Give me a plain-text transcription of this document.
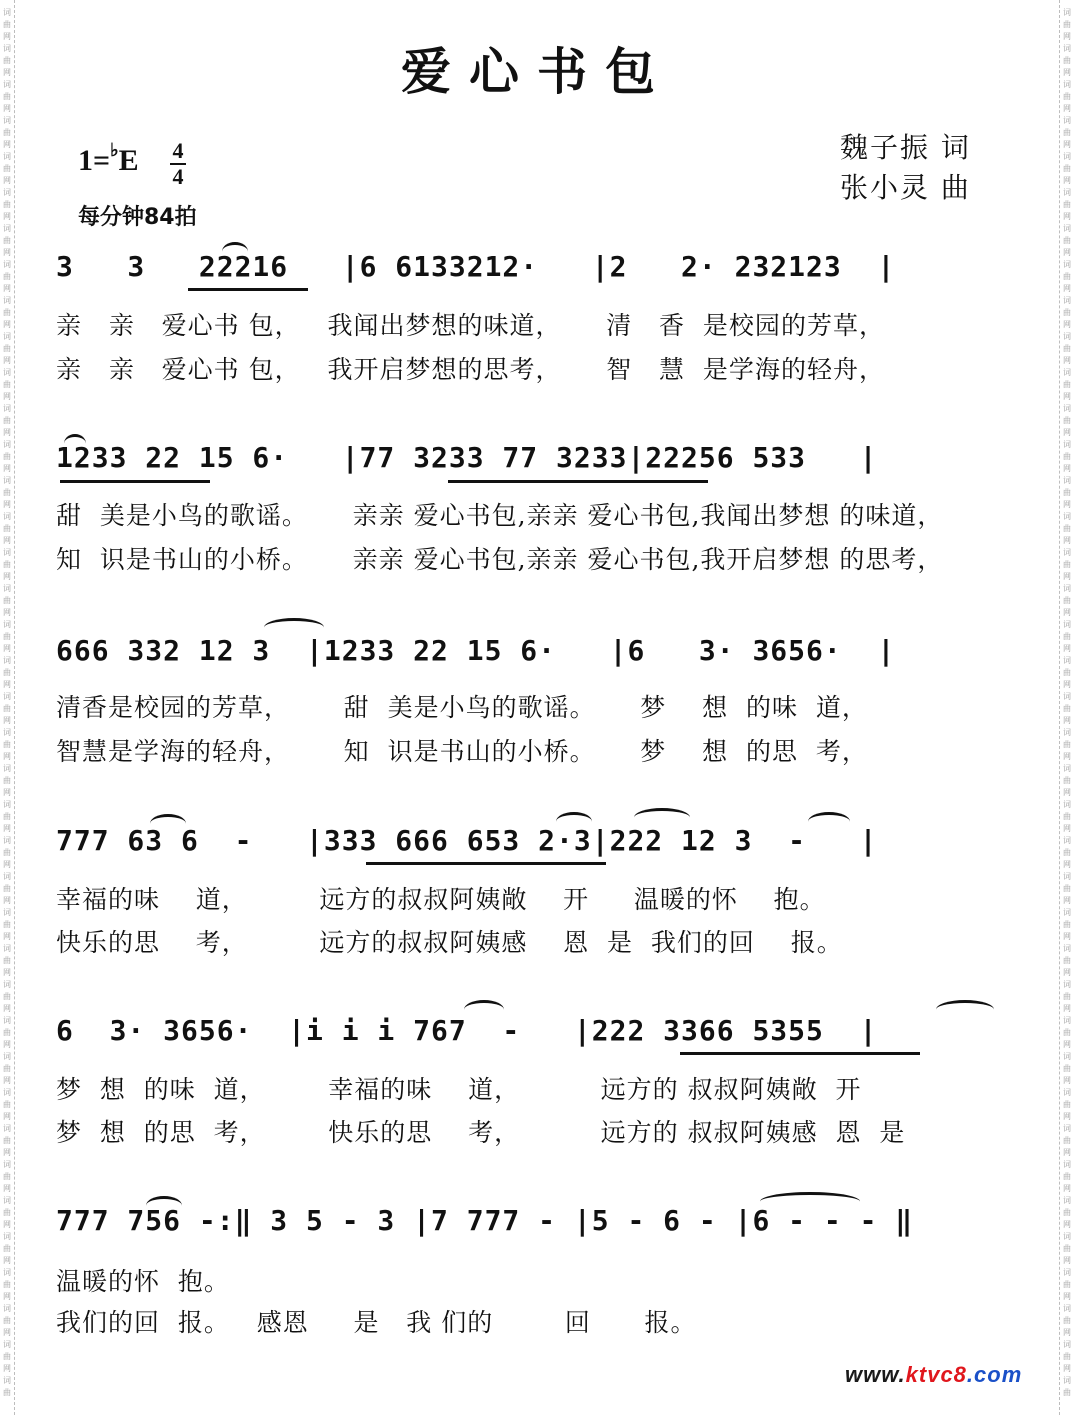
词
曲
网
词
曲
网
词
曲
网
词
曲
网
词
曲
网
词
曲
网
词
曲
网
词
曲
网
词
曲
网
词
曲
网
词
曲
网
词
曲
网
词
曲
网
词
曲
网
词
曲
网
词
曲
网
词
曲
网
词
曲
网
词
曲
网
词
曲
网
词
曲
网
词
曲
网
词
曲
网
词
曲
网
词
曲
网
词
曲
网
词
曲
网
词
曲
网
词
曲
网
词
曲
网
词
曲
网
词
曲
网
词
曲
网
词
曲
网
词
曲
网
词
曲
网
词
曲
网
词
曲
网
词
曲
词
曲
网
词
曲
网
词
曲
网
词
曲
网
词
曲
网
词
曲
网
词
曲
网
词
曲
网
词
曲
网
词
曲
网
词
曲
网
词
曲
网
词
曲
网
词
曲
网
词
曲
网
词
曲
网
词
曲
网
词
曲
网
词
曲
网
词
曲
网
词
曲
网
词
曲
网
词
曲
网
词
曲
网
词
曲
网
词
曲
网
词
曲
网
词
曲
网
词
曲
网
词
曲
网
词
曲
网
词
曲
网
词
曲
网
词
曲
网
词
曲
网
词
曲
网
词
曲
网
词
曲
网
词
曲
爱心书包
1=♭E 4
4
每分钟84拍
魏子振 词
张小灵 曲
3   3   22216   |6 6133212·   |2   2· 232123  |
亲   亲   爱心书 包，   我闻出梦想的味道，     清   香  是校园的芳草，
亲   亲   爱心书 包，   我开启梦想的思考，     智   慧  是学海的轻舟，
1233 22 15 6·   |77 3233 77 3233|22256 533   |
甜  美是小鸟的歌谣。     亲亲 爱心书包,亲亲 爱心书包,我闻出梦想 的味道，
知  识是书山的小桥。     亲亲 爱心书包,亲亲 爱心书包,我开启梦想 的思考，
666 332 12 3  |1233 22 15 6·   |6   3· 3656·  |
清香是校园的芳草，      甜  美是小鸟的歌谣。     梦    想  的味  道，
智慧是学海的轻舟，      知  识是书山的小桥。     梦    想  的思  考，
777 63 6  -   |333 666 653 2·3|222 12 3  -   |
幸福的味    道，        远方的叔叔阿姨敞    开     温暖的怀    抱。
快乐的思    考，        远方的叔叔阿姨感    恩  是  我们的回    报。
6  3· 3656·  |i i i 767  -   |222 3366 5355  |
梦  想  的味  道，       幸福的味    道，         远方的 叔叔阿姨敞  开
梦  想  的思  考，       快乐的思    考，         远方的 叔叔阿姨感  恩  是
777 756 -:‖ 3 5 - 3 |7 777 - |5 - 6 - |6 - - - ‖
温暖的怀  抱。
我们的回  报。   感恩     是   我 们的        回      报。
www.ktvc8.com
